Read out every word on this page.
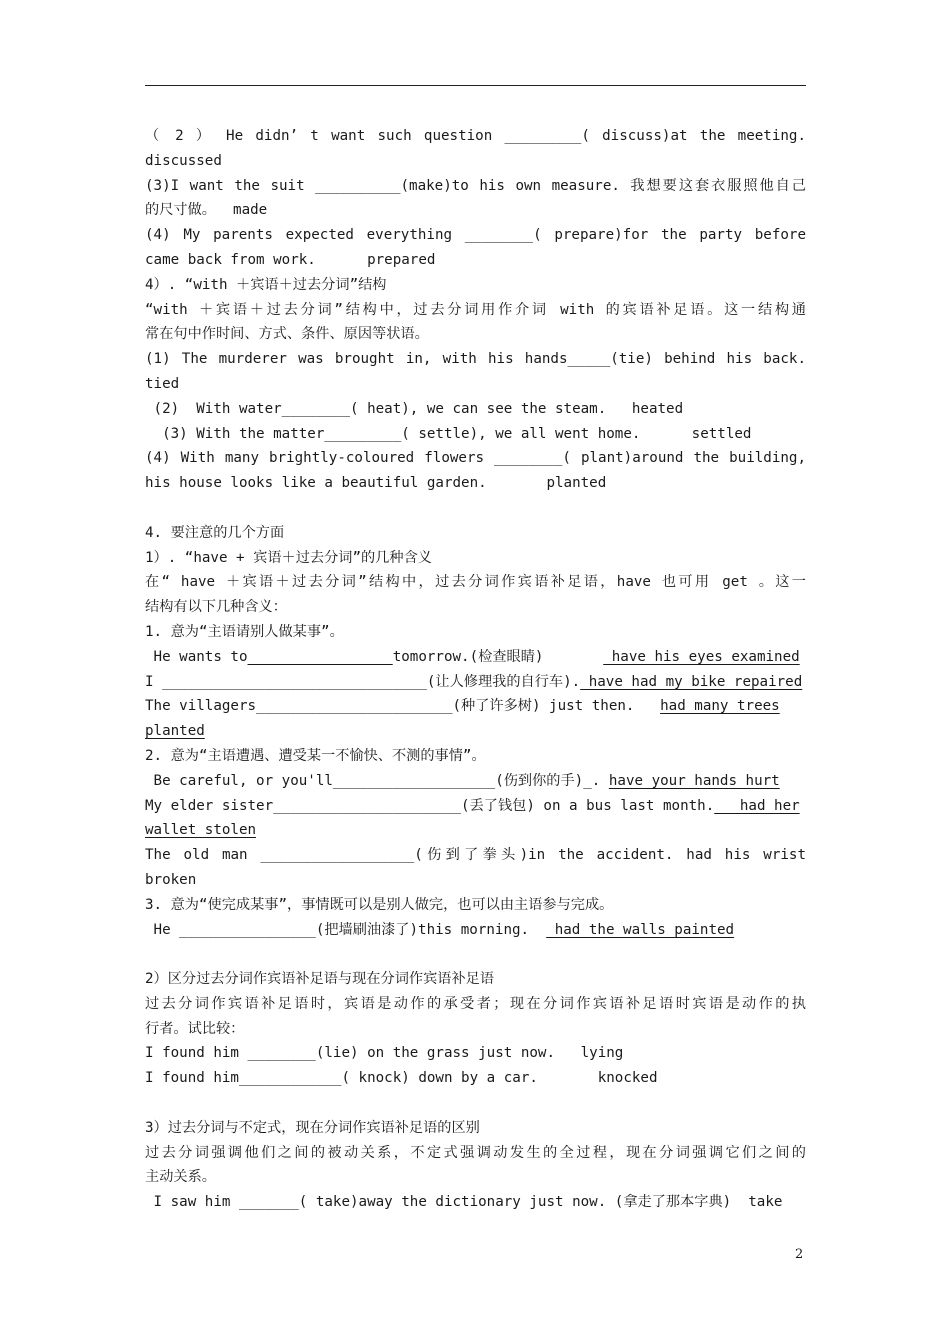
（ 2 ） He didn’ t want such question _________( discuss)at the meeting.
discussed
(3)I want the suit __________(make)to his own measure. 我想要这套衣服照他自己
的尺寸做。  made
(4) My parents expected everything ________( prepare)for the party before
came back from work.      prepared
4）. “with ＋宾语＋过去分词”结构
“with ＋宾语＋过去分词”结构中，过去分词用作介词 with 的宾语补足语。这一结构通
常在句中作时间、方式、条件、原因等状语。
(1) The murderer was brought in, with his hands_____(tie) behind his back.
tied
(2)  With water________( heat), we can see the steam.   heated
(3) With the matter_________( settle), we all went home.      settled
(4) With many brightly-coloured flowers ________( plant)around the building,
his house looks like a beautiful garden.       planted
4. 要注意的几个方面
1）. “have + 宾语＋过去分词”的几种含义
在“ have ＋宾语＋过去分词”结构中，过去分词作宾语补足语，have 也可用 get 。这一
结构有以下几种含义：
1. 意为“主语请别人做某事”。
He wants to	tomorrow.(检查眼睛)        have his eyes examined
I _______________________________(让人修理我的自行车). have had my bike repaired
The villagers_______________________(种了许多树) just then.   had many trees
planted
2. 意为“主语遭遇、遭受某一不愉快、不测的事情”。
Be careful, or you'll___________________(伤到你的手)_. have your hands hurt
My elder sister______________________(丢了钱包) on a bus last month.   had her
wallet stolen
The old man __________________(伤到了拳头)in the accident. had his wrist
broken
3. 意为“使完成某事”，事情既可以是别人做完，也可以由主语参与完成。
He ________________(把墙刷油漆了)this morning.   had the walls painted
2）区分过去分词作宾语补足语与现在分词作宾语补足语
过去分词作宾语补足语时，宾语是动作的承受者；现在分词作宾语补足语时宾语是动作的执
行者。试比较：
I found him ________(lie) on the grass just now.   lying
I found him____________( knock) down by a car.       knocked
3）过去分词与不定式，现在分词作宾语补足语的区别
过去分词强调他们之间的被动关系，不定式强调动发生的全过程，现在分词强调它们之间的
主动关系。
I saw him _______( take)away the dictionary just now. (拿走了那本字典)  take
2
